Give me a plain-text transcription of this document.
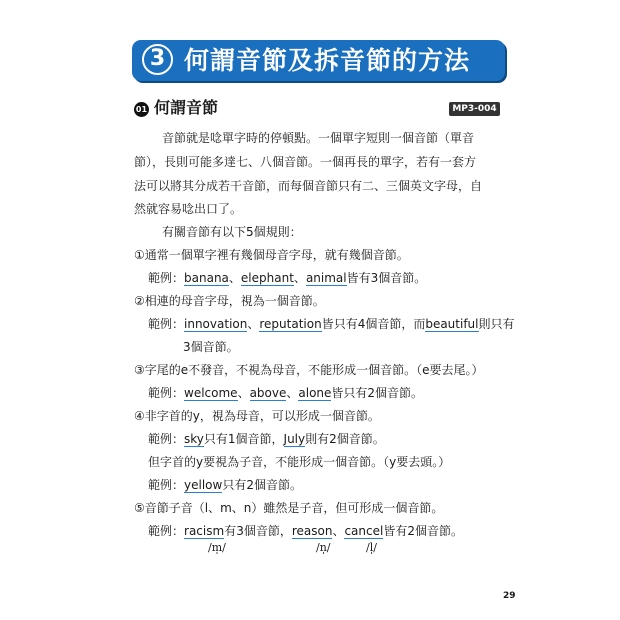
3 何謂音節及拆音節的方法
01 何謂音節	MP3-004
音節就是唸單字時的停頓點。一個單字短則一個音節（單音
節），長則可能多達七、八個音節。一個再長的單字，若有一套方
法可以將其分成若干音節，而每個音節只有二、三個英文字母，自
然就容易唸出口了。
有關音節有以下5個規則：
①通常一個單字裡有幾個母音字母，就有幾個音節。
範例：banana、elephant、animal皆有3個音節。
②相連的母音字母，視為一個音節。
範例：innovation、reputation皆只有4個音節，而beautiful則只有
3個音節。
③字尾的e不發音，不視為母音，不能形成一個音節。（e要去尾。）
範例：welcome、above、alone皆只有2個音節。
④非字首的y，視為母音，可以形成一個音節。
範例：sky只有1個音節，July則有2個音節。
但字首的y要視為子音，不能形成一個音節。（y要去頭。）
範例：yellow只有2個音節。
⑤音節子音（l、m、n）雖然是子音，但可形成一個音節。
範例：racism有3個音節，reason、cancel皆有2個音節。
/m̩/	/n̩/	/l̩/
29
